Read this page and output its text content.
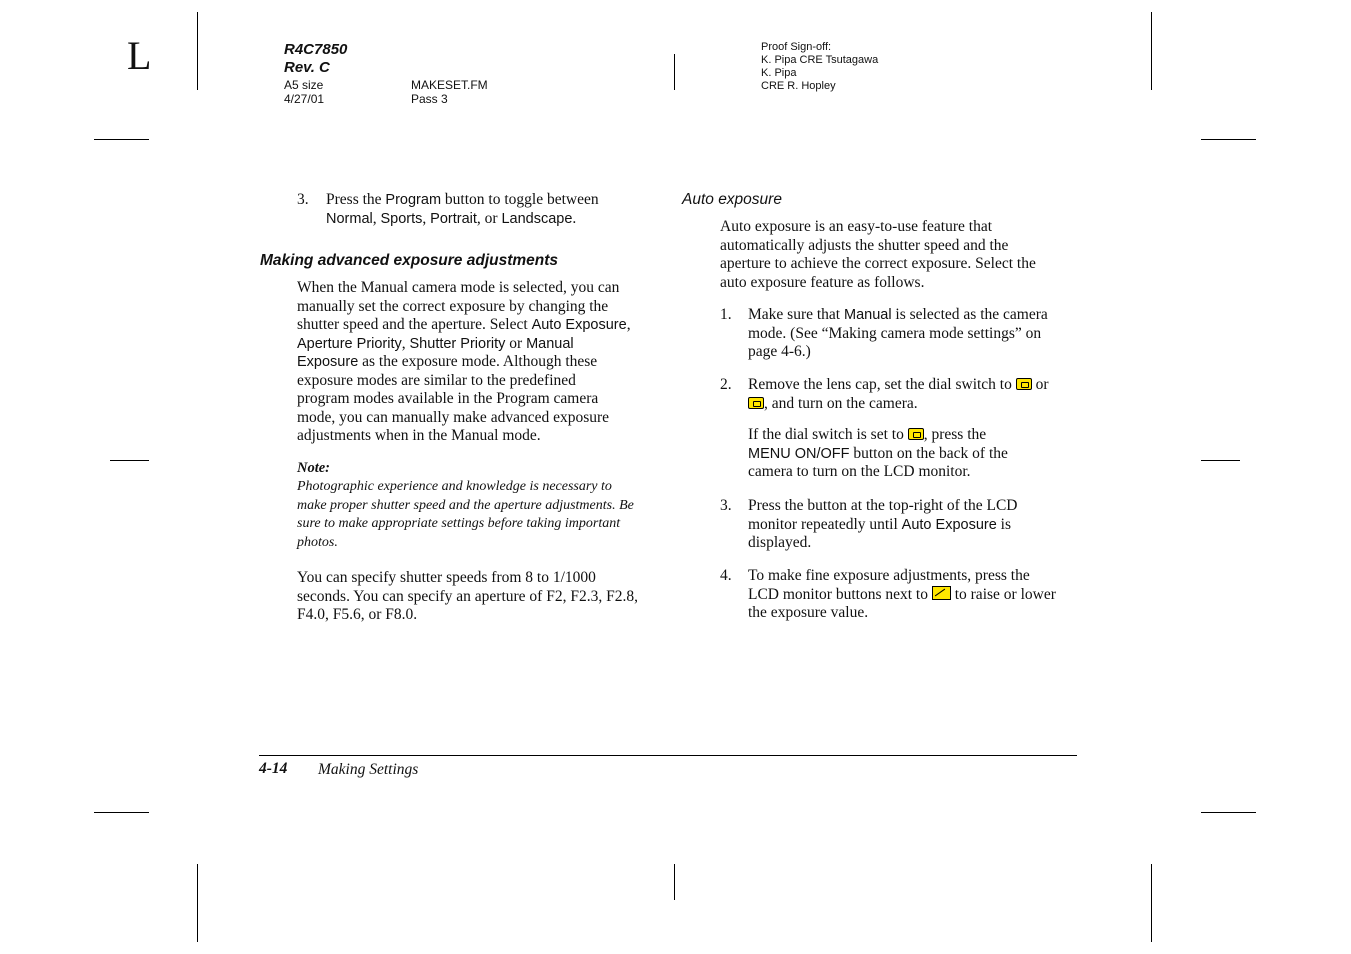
L	R4C7850
Rev. C
A5 size
4/27/01
MAKESET.FM
Pass 3
Proof Sign-off:
K. Pipa CRE Tsutagawa
K. Pipa
CRE R. Hopley
3. Press the Program button to toggle between
Normal, Sports, Portrait, or Landscape.
Making advanced exposure adjustments
When the Manual camera mode is selected, you can
manually set the correct exposure by changing the
shutter speed and the aperture. Select Auto Exposure,
Aperture Priority, Shutter Priority or Manual
Exposure as the exposure mode. Although these
exposure modes are similar to the predefined
program modes available in the Program camera
mode, you can manually make advanced exposure
adjustments when in the Manual mode.
Note:
Photographic experience and knowledge is necessary to
make proper shutter speed and the aperture adjustments. Be
sure to make appropriate settings before taking important
photos.
You can specify shutter speeds from 8 to 1/1000
seconds. You can specify an aperture of F2, F2.3, F2.8,
F4.0, F5.6, or F8.0.
Auto exposure
Auto exposure is an easy-to-use feature that
automatically adjusts the shutter speed and the
aperture to achieve the correct exposure. Select the
auto exposure feature as follows.
1. Make sure that Manual is selected as the camera
mode. (See “Making camera mode settings” on
page 4-6.)
2. Remove the lens cap, set the dial switch to  or
, and turn on the camera.
If the dial switch is set to , press the
MENU ON/OFF button on the back of the
camera to turn on the LCD monitor.
3. Press the button at the top-right of the LCD
monitor repeatedly until Auto Exposure is
displayed.
4. To make fine exposure adjustments, press the
LCD monitor buttons next to  to raise or lower
the exposure value.
4-14 Making Settings
